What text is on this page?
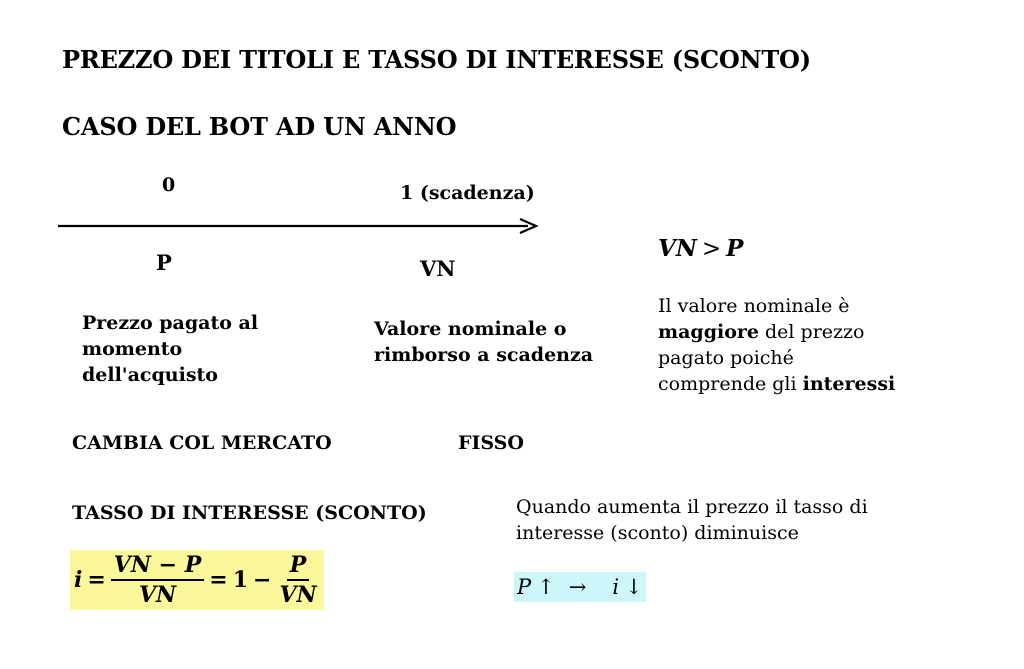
PREZZO DEI TITOLI E TASSO DI INTERESSE (SCONTO)
CASO DEL BOT AD UN ANNO
0	1 (scadenza)
P	VN
VN > P
Prezzo pagato al momento dell'acquisto
Valore nominale o rimborso a scadenza
Il valore nominale è maggiore del prezzo pagato poiché comprende gli interessi
CAMBIA COL MERCATO	FISSO
TASSO DI INTERESSE (SCONTO)
$i = \frac{VN - P}{VN} = 1 - \frac{P}{VN}$
Quando aumenta il prezzo il tasso di interesse (sconto) diminuisce
P ↑ → i ↓
